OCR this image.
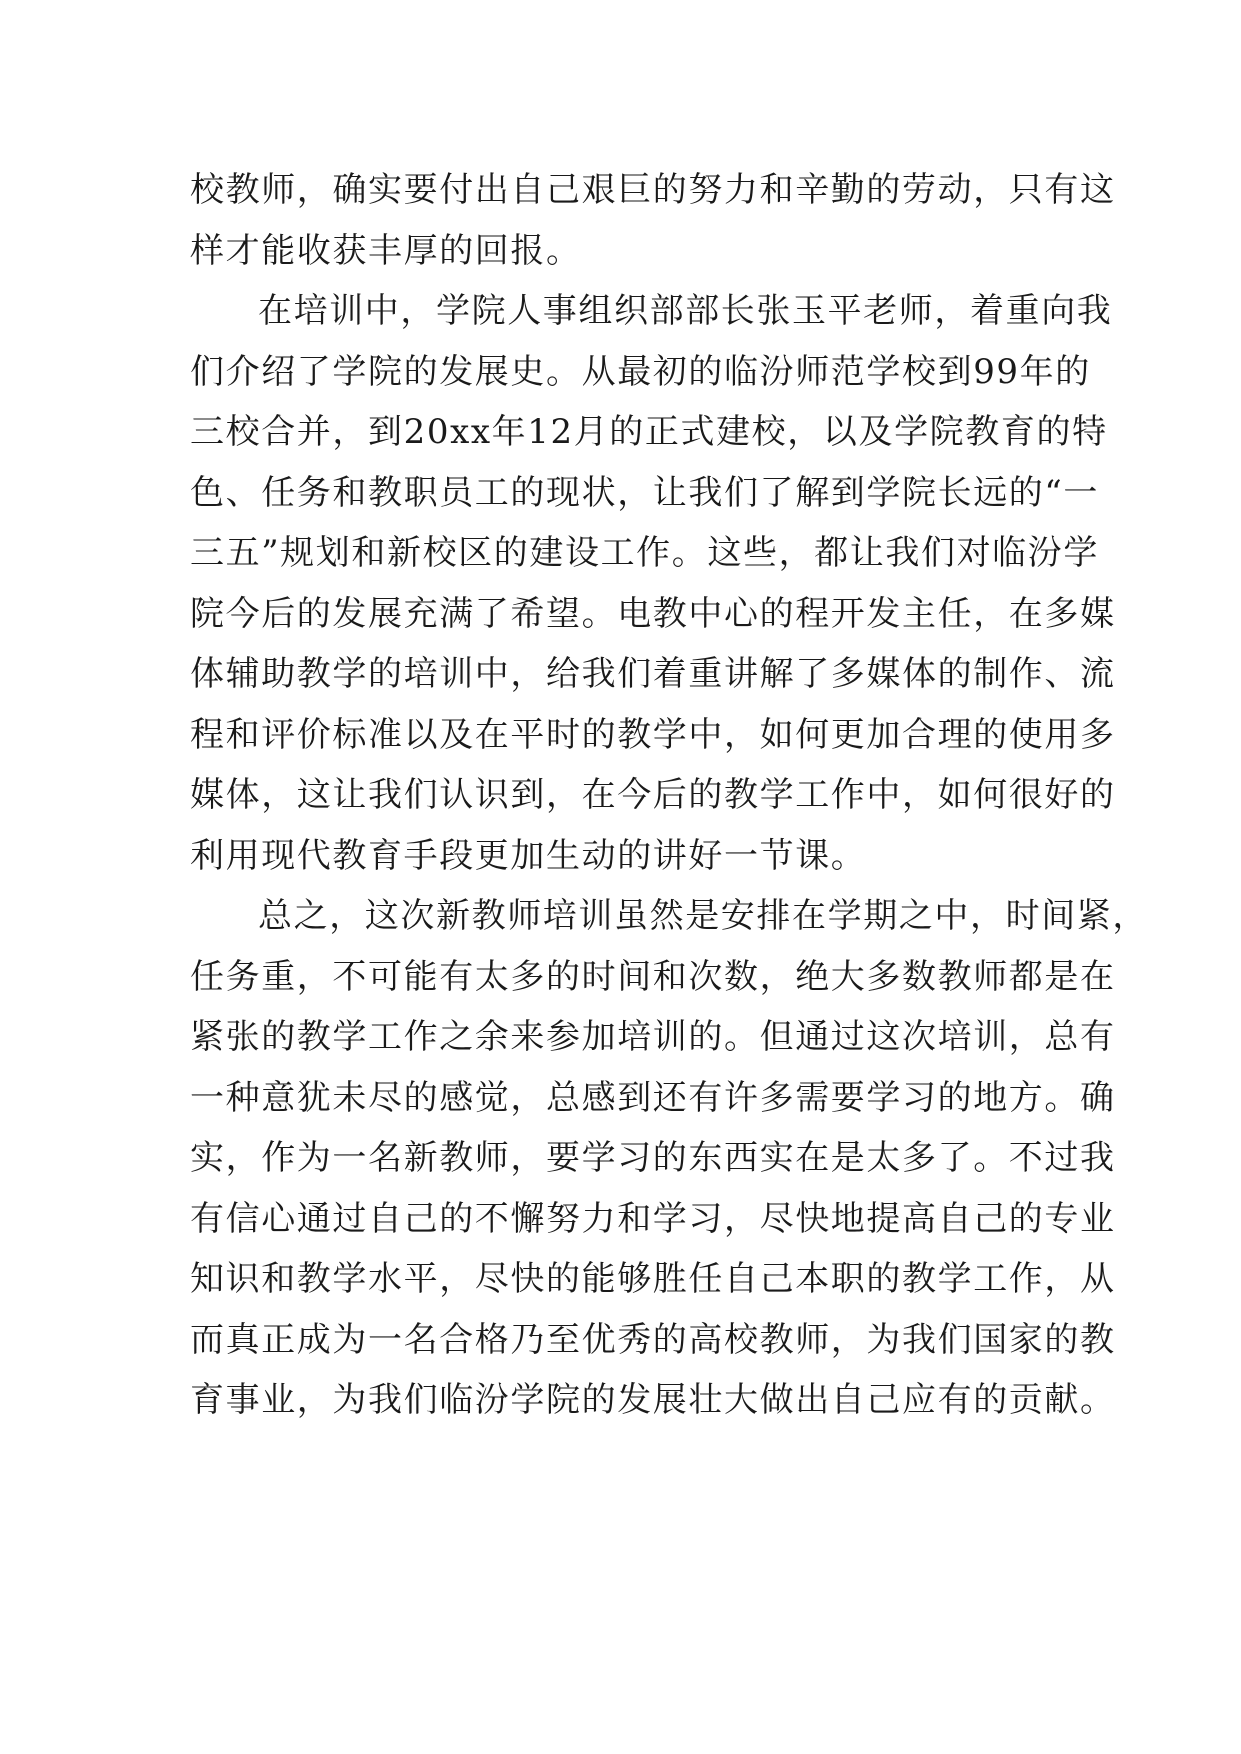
校教师，确实要付出自己艰巨的努力和辛勤的劳动，只有这
样才能收获丰厚的回报。
在培训中，学院人事组织部部长张玉平老师，着重向我
们介绍了学院的发展史。从最初的临汾师范学校到99年的
三校合并，到20xx年12月的正式建校，以及学院教育的特
色、任务和教职员工的现状，让我们了解到学院长远的“一
三五”规划和新校区的建设工作。这些，都让我们对临汾学
院今后的发展充满了希望。电教中心的程开发主任，在多媒
体辅助教学的培训中，给我们着重讲解了多媒体的制作、流
程和评价标准以及在平时的教学中，如何更加合理的使用多
媒体，这让我们认识到，在今后的教学工作中，如何很好的
利用现代教育手段更加生动的讲好一节课。
总之，这次新教师培训虽然是安排在学期之中，时间紧，
任务重，不可能有太多的时间和次数，绝大多数教师都是在
紧张的教学工作之余来参加培训的。但通过这次培训，总有
一种意犹未尽的感觉，总感到还有许多需要学习的地方。确
实，作为一名新教师，要学习的东西实在是太多了。不过我
有信心通过自己的不懈努力和学习，尽快地提高自己的专业
知识和教学水平，尽快的能够胜任自己本职的教学工作，从
而真正成为一名合格乃至优秀的高校教师，为我们国家的教
育事业，为我们临汾学院的发展壮大做出自己应有的贡献。
